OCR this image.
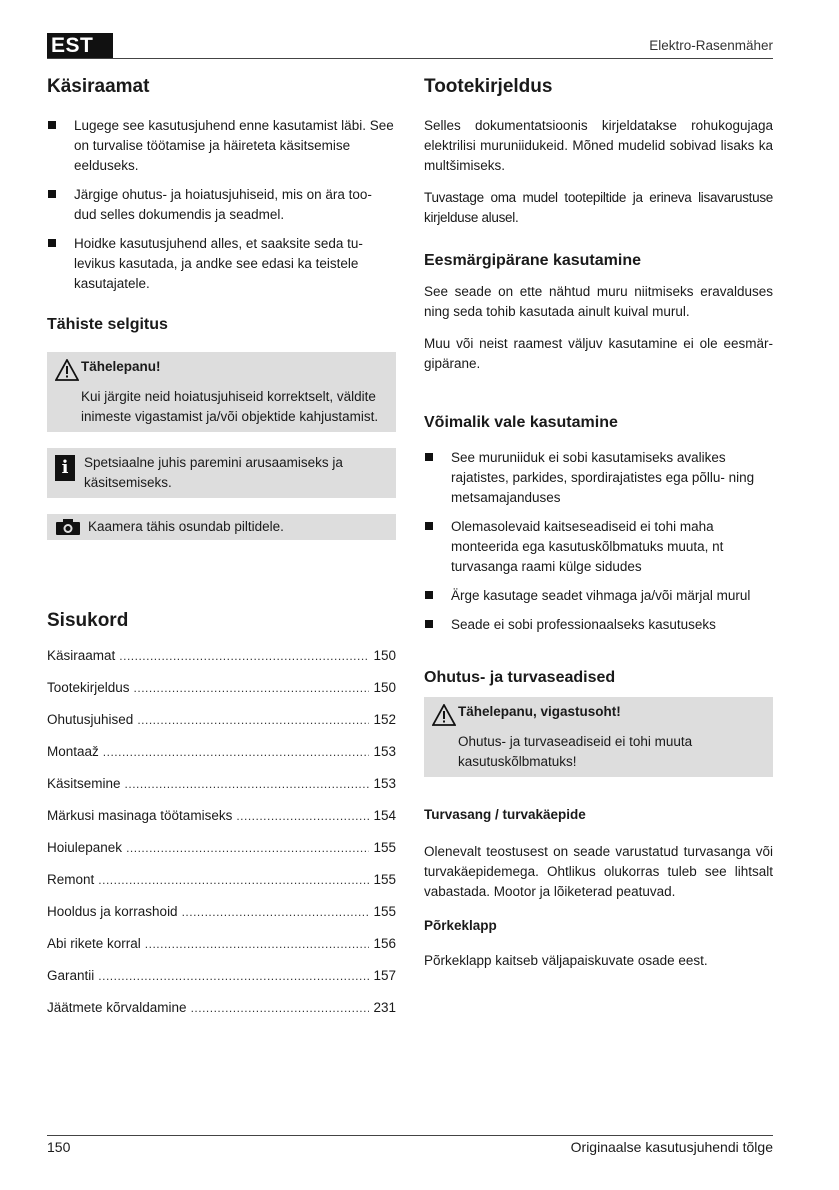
EST	Elektro-Rasenmäher
Käsiraamat
Lugege see kasutusjuhend enne kasutamist läbi. See on turvalise töötamise ja häireteta käsitsemise eelduseks.
Järgige ohutus- ja hoiatusjuhiseid, mis on ära too- dud selles dokumendis ja seadmel.
Hoidke kasutusjuhend alles, et saaksite seda tu- levikus kasutada, ja andke see edasi ka teistele kasutajatele.
Tähiste selgitus
Tähelepanu!
Kui järgite neid hoiatusjuhiseid korrektselt, väldite inimeste vigastamist ja/või objektide kahjustamist.
i	Spetsiaalne juhis paremini arusaamiseks ja käsitsemiseks.
Kaamera tähis osundab piltidele.
Sisukord
Käsiraamat .....	150
Tootekirjeldus .....	150
Ohutusjuhised .....	152
Montaaž .....	153
Käsitsemine .....	153
Märkusi masinaga töötamiseks .....	154
Hoiulepanek .....	155
Remont .....	155
Hooldus ja korrashoid .....	155
Abi rikete korral .....	156
Garantii .....	157
Jäätmete kõrvaldamine .....	231
Tootekirjeldus

Selles dokumentatsioonis kirjeldatakse rohukogujaga elektrilisi muruniidukeid. Mõned mudelid sobivad lisaks ka multšimiseks.

Tuvastage oma mudel tootepiltide ja erineva lisavarustuse kirjelduse alusel.

Eesmärgipärane kasutamine

See seade on ette nähtud muru niitmiseks eravalduses ning seda tohib kasutada ainult kuival murul.

Muu või neist raamest väljuv kasutamine ei ole eesmär- gipärane.

Võimalik vale kasutamine
See muruniiduk ei sobi kasutamiseks avalikes rajatistes, parkides, spordirajatistes ega põllu- ning metsamajanduses
Olemasolevaid kaitseseadiseid ei tohi maha monteerida ega kasutuskõlbmatuks muuta, nt turvasanga raami külge sidudes
Ärge kasutage seadet vihmaga ja/või märjal murul
Seade ei sobi professionaalseks kasutuseks
Ohutus- ja turvaseadised
Tähelepanu, vigastusoht!
Ohutus- ja turvaseadiseid ei tohi muuta kasutuskõlbmatuks!
Turvasang / turvakäepide

Olenevalt teostusest on seade varustatud turvasanga või turvakäepidemega. Ohtlikus olukorras tuleb see lihtsalt vabastada. Mootor ja lõiketerad peatuvad.

Põrkeklapp

Põrkeklapp kaitseb väljapaiskuvate osade eest.

150	Originaalse kasutusjuhendi tõlge
